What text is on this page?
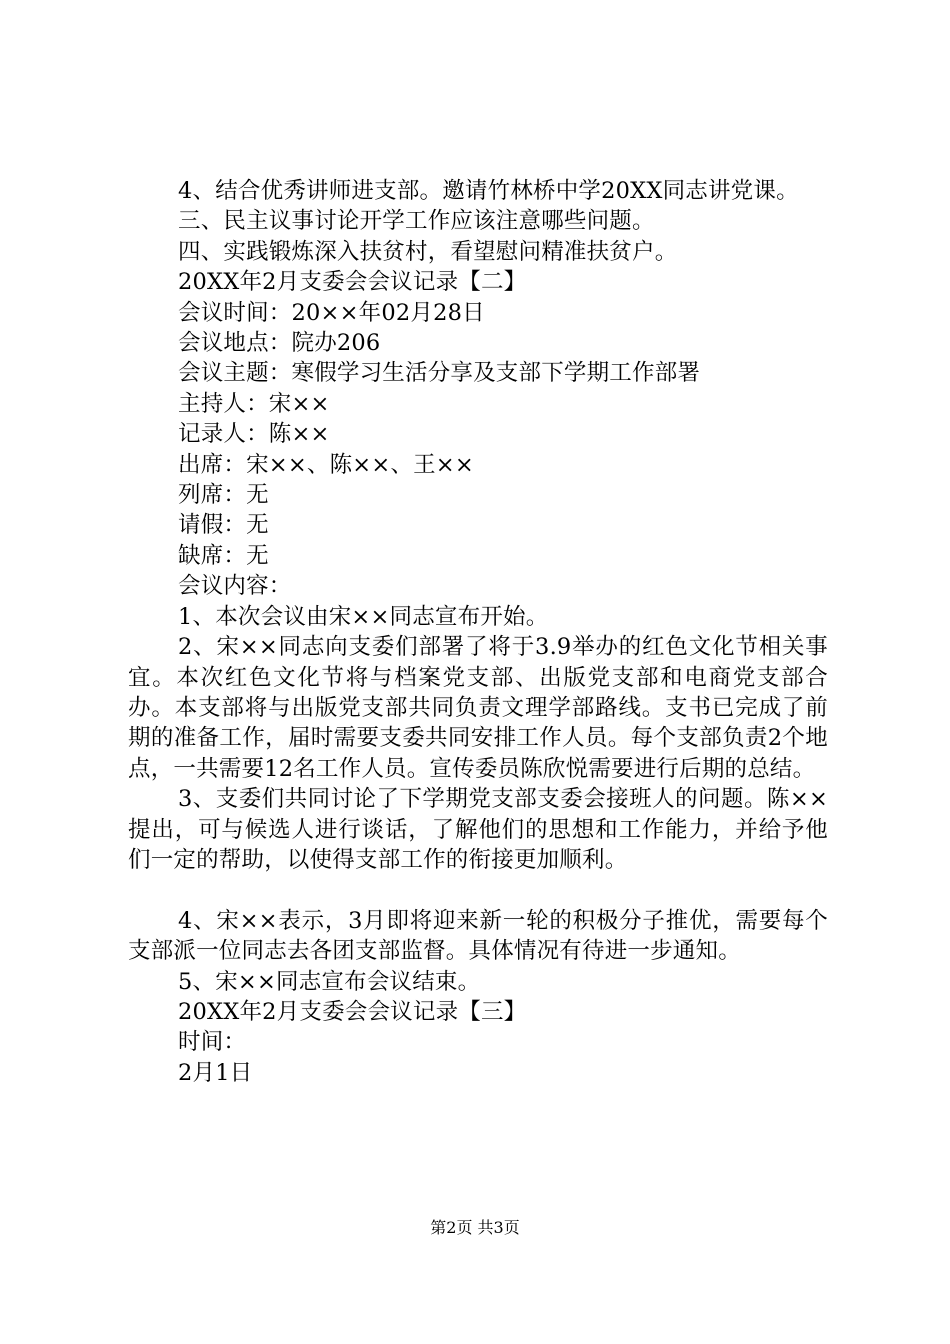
4、结合优秀讲师进支部。邀请竹林桥中学20XX同志讲党课。

三、民主议事讨论开学工作应该注意哪些问题。

四、实践锻炼深入扶贫村，看望慰问精准扶贫户。

20XX年2月支委会会议记录【二】

会议时间：20××年02月28日

会议地点：院办206

会议主题：寒假学习生活分享及支部下学期工作部署

主持人：宋××

记录人：陈××

出席：宋××、陈××、王××

列席：无

请假：无

缺席：无

会议内容：

1、本次会议由宋××同志宣布开始。

2、宋××同志向支委们部署了将于3.9举办的红色文化节相关事宜。本次红色文化节将与档案党支部、出版党支部和电商党支部合办。本支部将与出版党支部共同负责文理学部路线。支书已完成了前期的准备工作，届时需要支委共同安排工作人员。每个支部负责2个地点，一共需要12名工作人员。宣传委员陈欣悦需要进行后期的总结。

3、支委们共同讨论了下学期党支部支委会接班人的问题。陈××提出，可与候选人进行谈话，了解他们的思想和工作能力，并给予他们一定的帮助，以使得支部工作的衔接更加顺利。

4、宋××表示，3月即将迎来新一轮的积极分子推优，需要每个支部派一位同志去各团支部监督。具体情况有待进一步通知。

5、宋××同志宣布会议结束。

20XX年2月支委会会议记录【三】

时间：

2月1日

第2页 共3页
